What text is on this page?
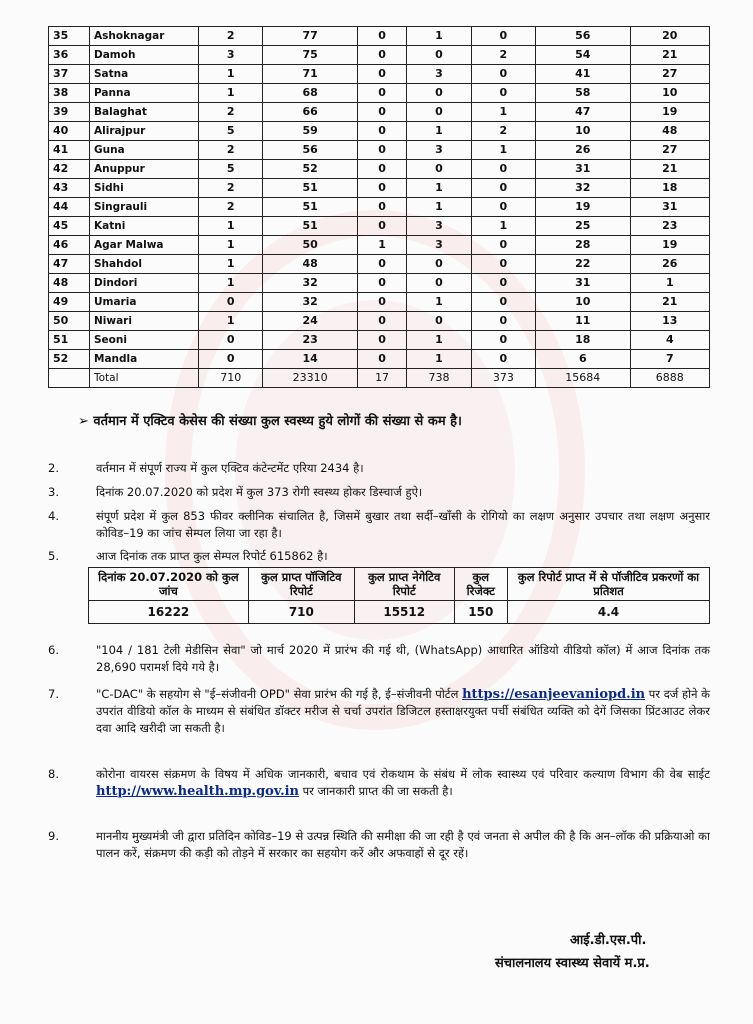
35	Ashoknagar	2	77	0	1	0	56	20
36	Damoh	3	75	0	0	2	54	21
37	Satna	1	71	0	3	0	41	27
38	Panna	1	68	0	0	0	58	10
39	Balaghat	2	66	0	0	1	47	19
40	Alirajpur	5	59	0	1	2	10	48
41	Guna	2	56	0	3	1	26	27
42	Anuppur	5	52	0	0	0	31	21
43	Sidhi	2	51	0	1	0	32	18
44	Singrauli	2	51	0	1	0	19	31
45	Katni	1	51	0	3	1	25	23
46	Agar Malwa	1	50	1	3	0	28	19
47	Shahdol	1	48	0	0	0	22	26
48	Dindori	1	32	0	0	0	31	1
49	Umaria	0	32	0	1	0	10	21
50	Niwari	1	24	0	0	0	11	13
51	Seoni	0	23	0	1	0	18	4
52	Mandla	0	14	0	1	0	6	7
	Total	710	23310	17	738	373	15684	6888
➢ वर्तमान में एक्टिव केसेस की संख्या कुल स्वस्थ्य हुये लोगों की संख्या से कम है।
2.	वर्तमान में संपूर्ण राज्य में कुल एक्टिव कंटेन्टमेंट एरिया 2434 है।
3.	दिनांक 20.07.2020 को प्रदेश में कुल 373 रोगी स्वस्थ्य होकर डिस्चार्ज हुऐ।
4.	संपूर्ण प्रदेश में कुल 853 फीवर क्लीनिक संचालित है, जिसमें बुखार तथा सर्दी–खाँसी के रोगियो का लक्षण अनुसार उपचार तथा लक्षण अनुसार कोविड–19 का जांच सेम्पल लिया जा रहा है।
5.	आज दिनांक तक प्राप्त कुल सेम्पल रिपोर्ट 615862 है।
दिनांक 20.07.2020 को कुल जांच	कुल प्राप्त पॉजिटिव रिपोर्ट	कुल प्राप्त नेगेटिव रिपोर्ट	कुल रिजेक्ट	कुल रिपोर्ट प्राप्त में से पॉजीटिव प्रकरणों का प्रतिशत
16222	710	15512	150	4.4
6.	"104 / 181 टेली मेडीसिन सेवा" जो मार्च 2020 में प्रारंभ की गई थी, (WhatsApp) आधारित ऑडियो वीडियो कॉल) में आज दिनांक तक 28,690 परामर्श दिये गये है।
7.	"C-DAC" के सहयोग से "ई–संजीवनी OPD" सेवा प्रारंभ की गई है, ई–संजीवनी पोर्टल https://esanjeevaniopd.in पर दर्ज होने के उपरांत वीडियो कॉल के माध्यम से संबंधित डॉक्टर मरीज से चर्चा उपरांत डिजिटल हस्ताक्षरयुक्त पर्ची संबंधित व्यक्ति को देगें जिसका प्रिंटआउट लेकर दवा आदि खरीदी जा सकती है।
8.	कोरोना वायरस संक्रमण के विषय में अधिक जानकारी, बचाव एवं रोकथाम के संबंध में लोक स्वास्थ्य एवं परिवार कल्याण विभाग की वेब साईट http://www.health.mp.gov.in पर जानकारी प्राप्त की जा सकती है।
9.	माननीय मुख्यमंत्री जी द्वारा प्रतिदिन कोविड–19 से उत्पन्न स्थिति की समीक्षा की जा रही है एवं जनता से अपील की है कि अन–लॉक की प्रक्रियाओ का पालन करें, संक्रमण की कड़ी को तोड़ने में सरकार का सहयोग करें और अफवाहों से दूर रहें।
आई.डी.एस.पी.
संचालनालय स्वास्थ्य सेवायें म.प्र.
